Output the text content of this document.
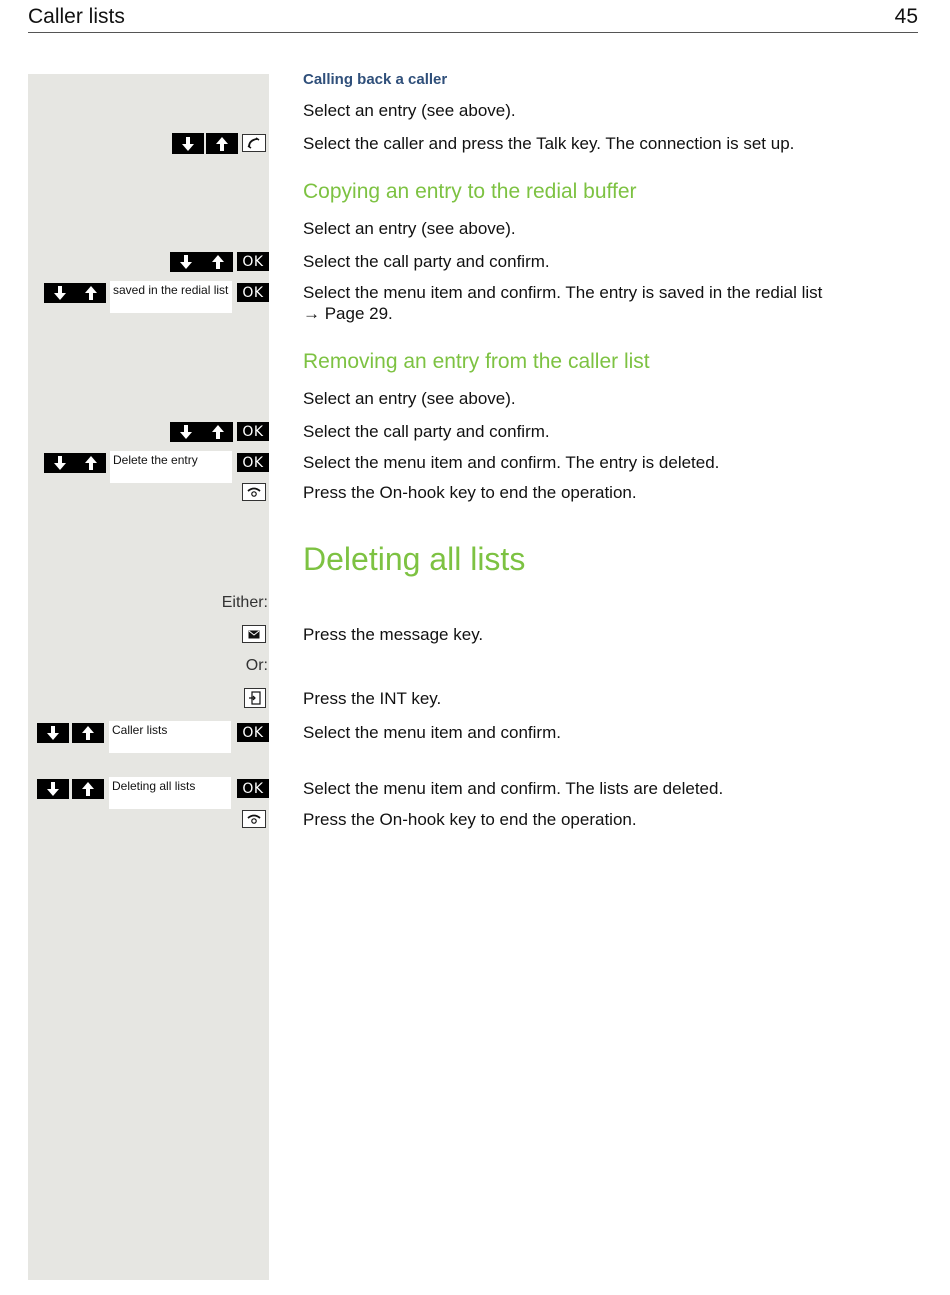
Caller lists	45
Calling back a caller
Select an entry (see above).
Select the caller and press the Talk key. The connection is set up.
Copying an entry to the redial buffer
Select an entry (see above).
OK	Select the call party and confirm.
saved in the redial list OK	Select the menu item and confirm. The entry is saved in the redial list
→ Page 29.
Removing an entry from the caller list
Select an entry (see above).
OK	Select the call party and confirm.
Delete the entry	OK	Select the menu item and confirm. The entry is deleted.
Press the On-hook key to end the operation.
Deleting all lists
Either:
Press the message key.
Or:
Press the INT key.
Caller lists	OK	Select the menu item and confirm.
Deleting all lists	OK	Select the menu item and confirm. The lists are deleted.
Press the On-hook key to end the operation.
